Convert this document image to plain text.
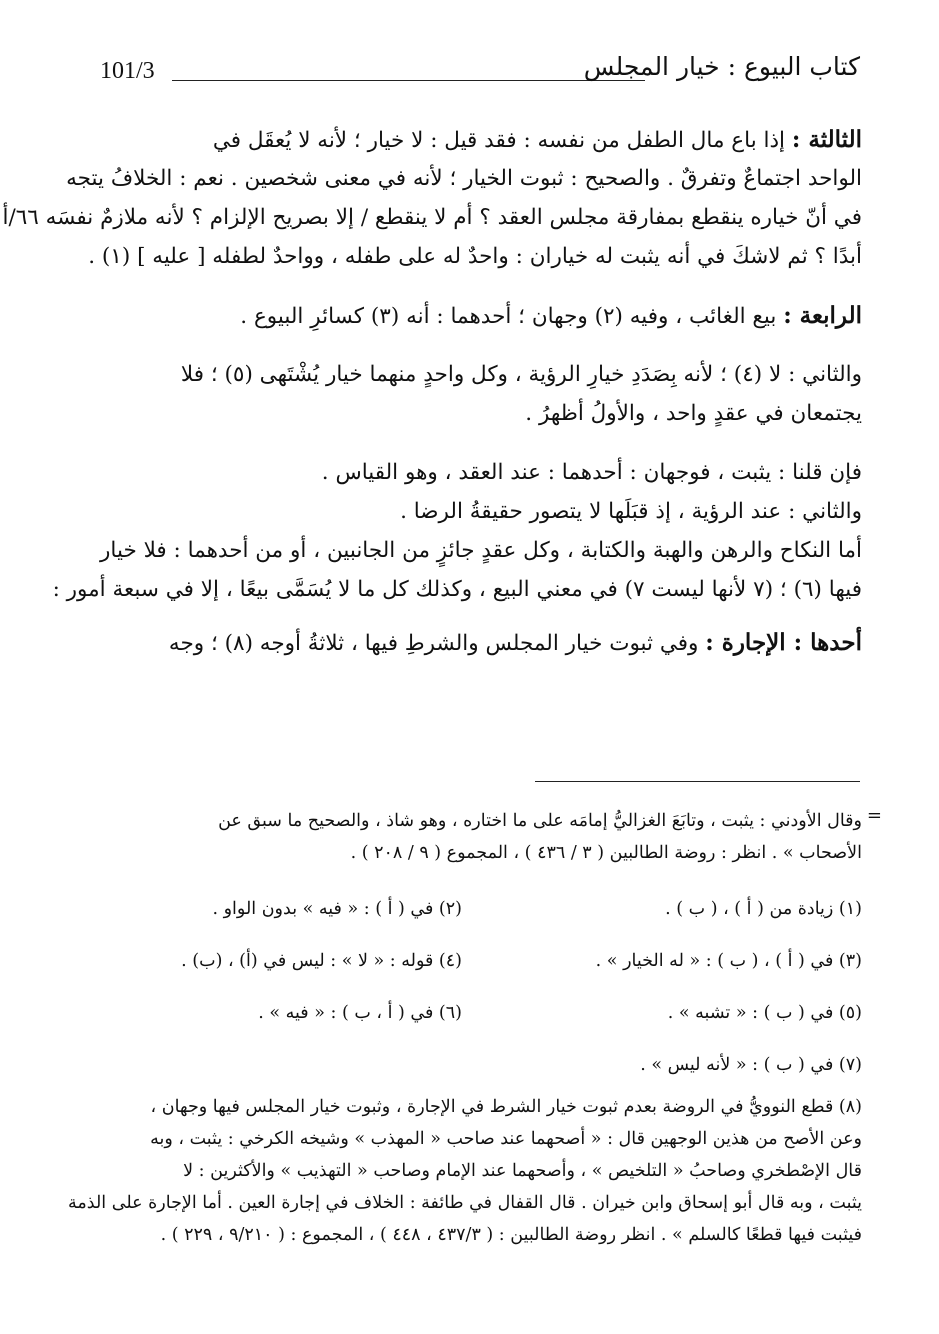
101/3	كتاب البيوع : خيار المجلس
الثالثة : إذا باع مال الطفل من نفسه : فقد قيل : لا خيار ؛ لأنه لا يُعقَل في
الواحد اجتماعٌ وتفرقٌ . والصحيح : ثبوت الخيار ؛ لأنه في معنى شخصين . نعم : الخلافُ يتجه
في أنّ خياره ينقطع بمفارقة مجلس العقد ؟ أم لا ينقطع / إلا بصريح الإلزام ؟ لأنه ملازمٌ نفسَه ٦٦/أ
أبدًا ؟ ثم لاشكَ في أنه يثبت له خياران : واحدٌ له على طفله ، وواحدٌ لطفله [ عليه ] (١) .
الرابعة : بيع الغائب ، وفيه (٢) وجهان ؛ أحدهما : أنه (٣) كسائرِ البيوع .
والثاني : لا (٤) ؛ لأنه بِصَدَدِ خيارِ الرؤية ، وكل واحدٍ منهما خيار يُشْتَهى (٥) ؛ فلا
يجتمعان في عقدٍ واحد ، والأولُ أظهرُ .
فإن قلنا : يثبت ، فوجهان : أحدهما : عند العقد ، وهو القياس .
والثاني : عند الرؤية ، إذ قبَلَها لا يتصور حقيقةُ الرضا .
أما النكاح والرهن والهبة والكتابة ، وكل عقدٍ جائزٍ من الجانبين ، أو من أحدهما : فلا خيار
فيها (٦) ؛ (٧ لأنها ليست ٧) في معني البيع ، وكذلك كل ما لا يُسَمَّى بيعًا ، إلا في سبعة أمور :
أحدها : الإجارة : وفي ثبوت خيار المجلس والشرطِ فيها ، ثلاثةُ أوجه (٨) ؛ وجه
=
وقال الأودني : يثبت ، وتابَعَ الغزاليُّ إمامَه على ما اختاره ، وهو شاذ ، والصحيح ما سبق عن
الأصحاب » . انظر : روضة الطالبين ( ٣ / ٤٣٦ ) ، المجموع ( ٩ / ٢٠٨ ) .
(١) زيادة من ( أ ) ، ( ب ) .
(٢) في ( أ ) : « فيه » بدون الواو .
(٣) في ( أ ) ، ( ب ) : « له الخيار » .
(٤) قوله : « لا » : ليس في (أ) ، (ب) .
(٥) في ( ب ) : « تشبه » .
(٦) في ( أ ، ب ) : « فيه » .
(٧) في ( ب ) : « لأنه ليس » .
(٨) قطع النوويُّ في الروضة بعدم ثبوت خيار الشرط في الإجارة ، وثبوت خيار المجلس فيها وجهان ،
وعن الأصح من هذين الوجهين قال : « أصحهما عند صاحب « المهذب » وشيخه الكرخي : يثبت ، وبه
قال الإصْطخري وصاحبُ « التلخيص » ، وأصحهما عند الإمام وصاحب « التهذيب » والأكثرين : لا
يثبت ، وبه قال أبو إسحاق وابن خيران . قال القفال في طائفة : الخلاف في إجارة العين . أما الإجارة على الذمة
فيثبت فيها قطعًا كالسلم » . انظر روضة الطالبين : ( ٤٣٧/٣ ، ٤٤٨ ) ، المجموع : ( ٩/٢١٠ ، ٢٢٩ ) .
